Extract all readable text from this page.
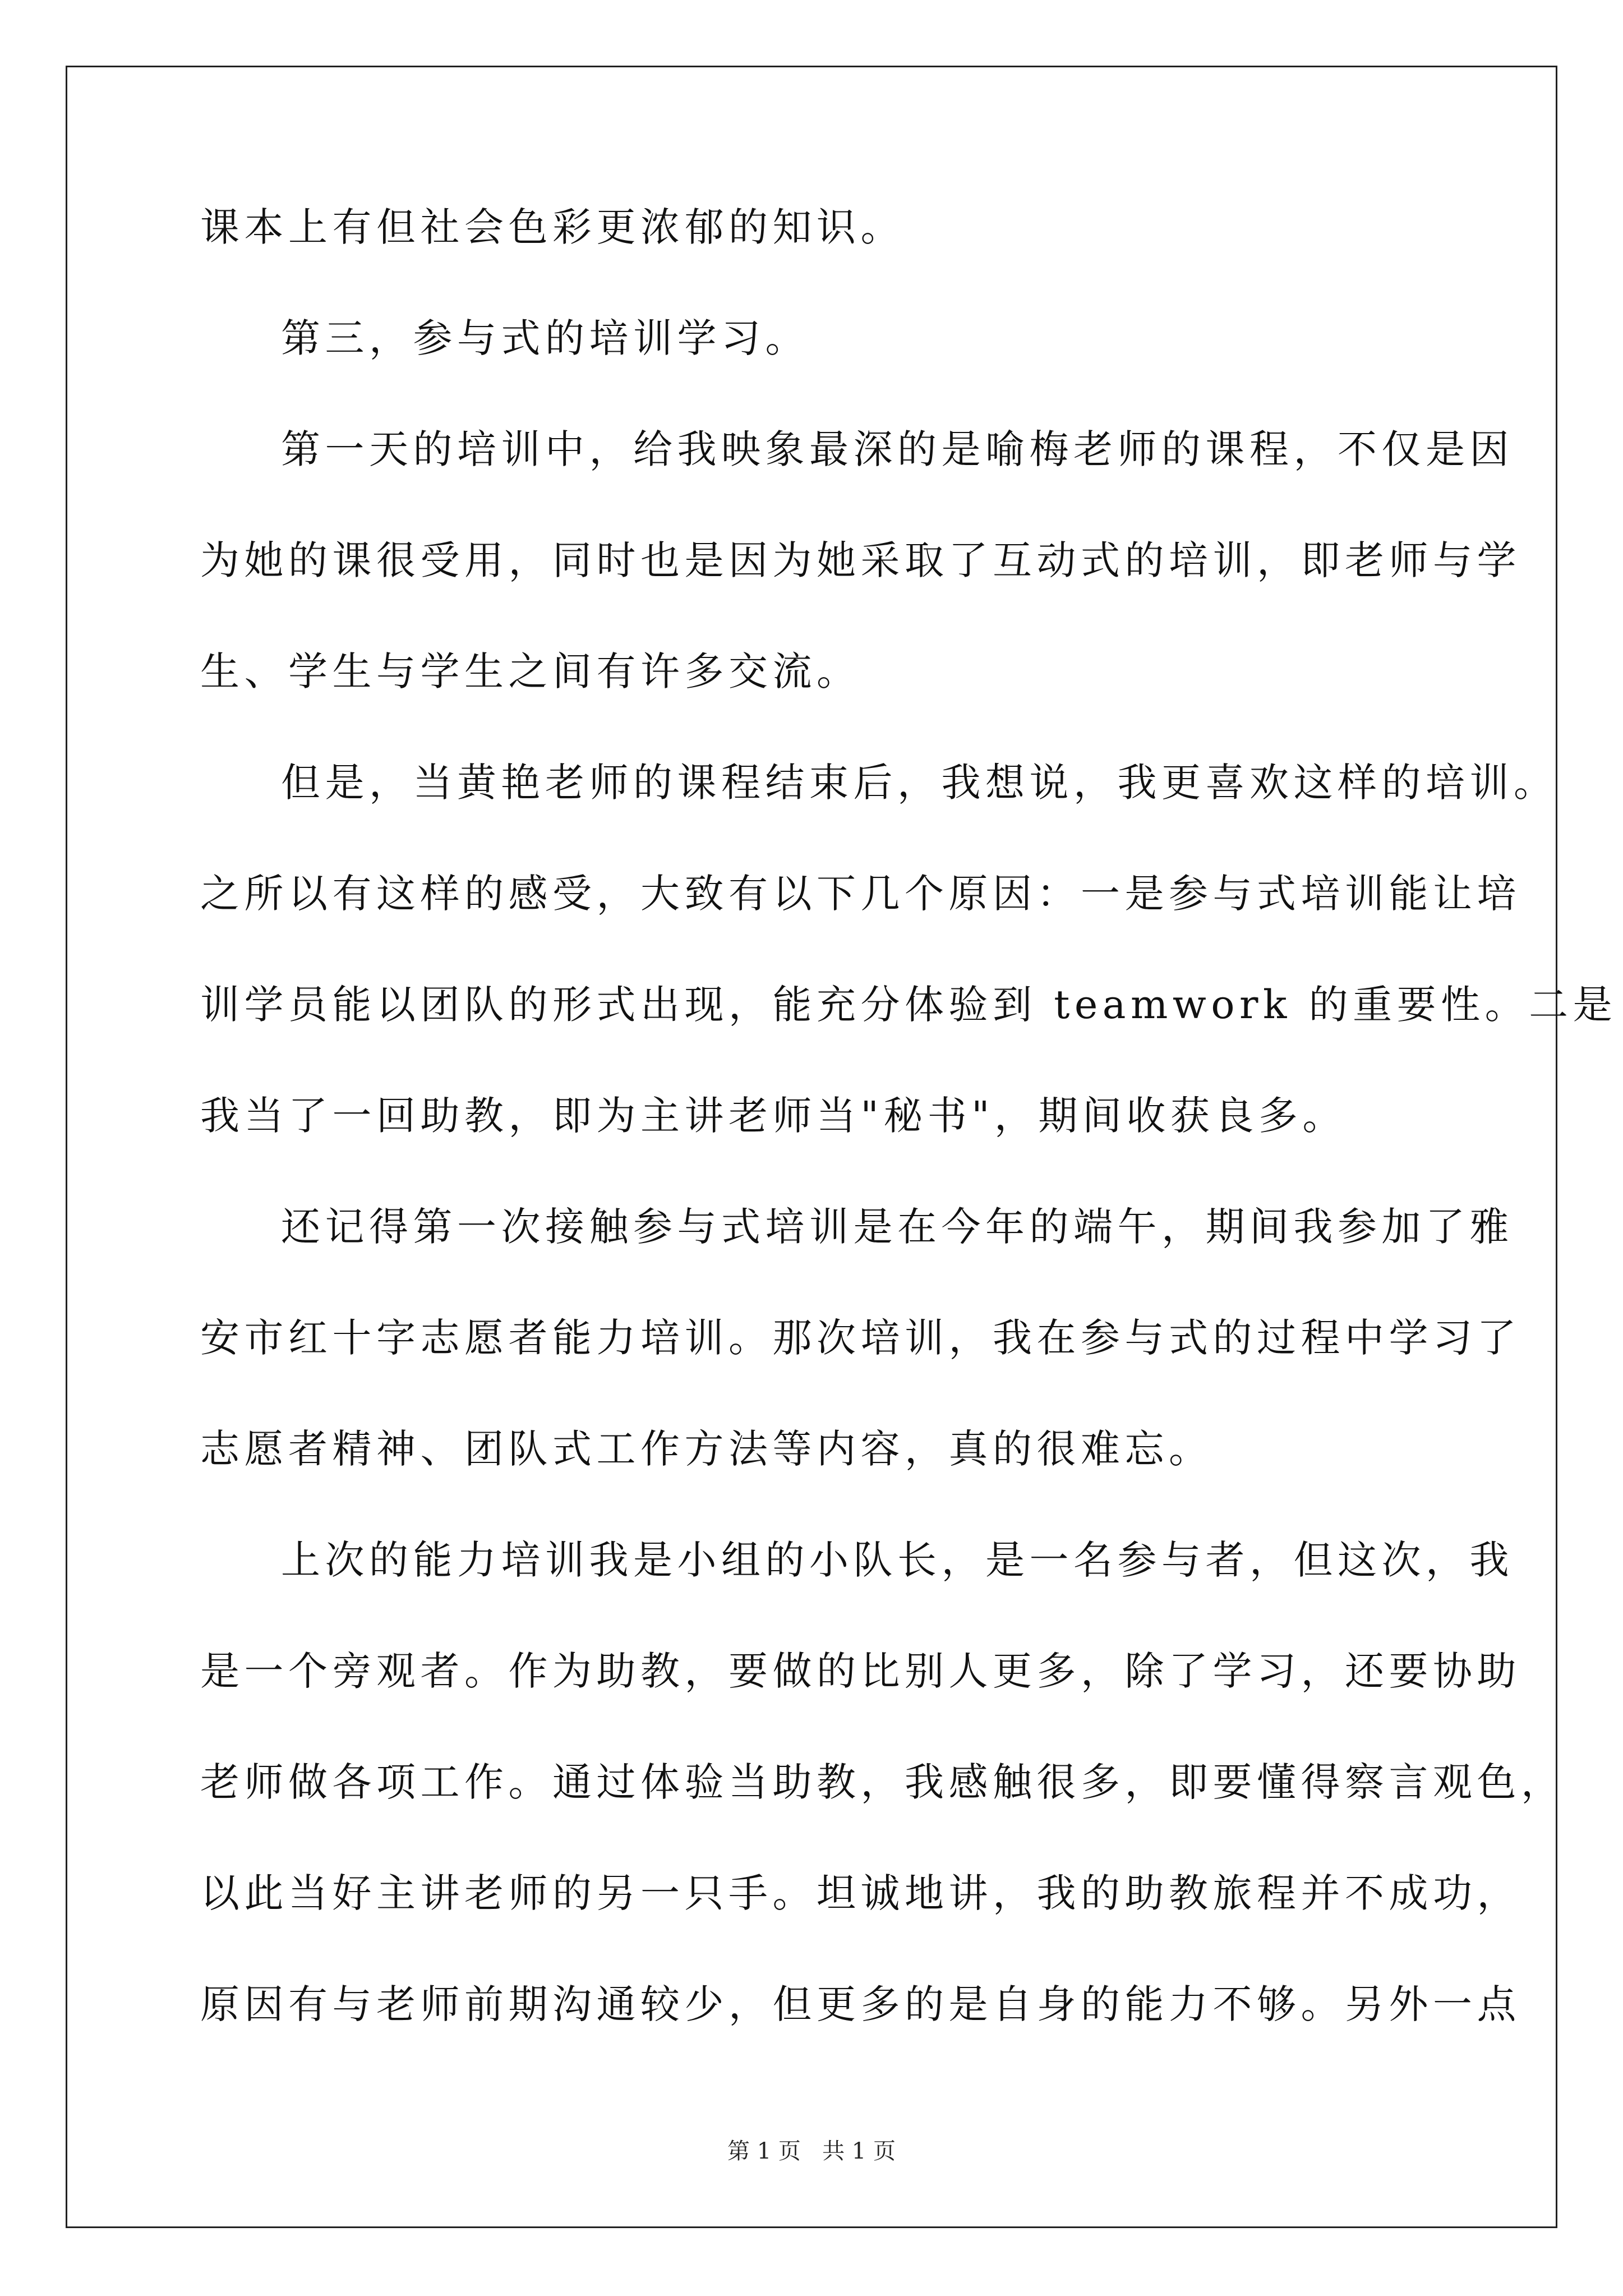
课本上有但社会色彩更浓郁的知识。
第三，参与式的培训学习。
第一天的培训中，给我映象最深的是喻梅老师的课程，不仅是因
为她的课很受用，同时也是因为她采取了互动式的培训，即老师与学
生、学生与学生之间有许多交流。
但是，当黄艳老师的课程结束后，我想说，我更喜欢这样的培训。
之所以有这样的感受，大致有以下几个原因：一是参与式培训能让培
训学员能以团队的形式出现，能充分体验到 teamwork 的重要性。二是
我当了一回助教，即为主讲老师当"秘书"，期间收获良多。
还记得第一次接触参与式培训是在今年的端午，期间我参加了雅
安市红十字志愿者能力培训。那次培训，我在参与式的过程中学习了
志愿者精神、团队式工作方法等内容，真的很难忘。
上次的能力培训我是小组的小队长，是一名参与者，但这次，我
是一个旁观者。作为助教，要做的比别人更多，除了学习，还要协助
老师做各项工作。通过体验当助教，我感触很多，即要懂得察言观色，
以此当好主讲老师的另一只手。坦诚地讲，我的助教旅程并不成功，
原因有与老师前期沟通较少，但更多的是自身的能力不够。另外一点
第 1 页   共 1 页
